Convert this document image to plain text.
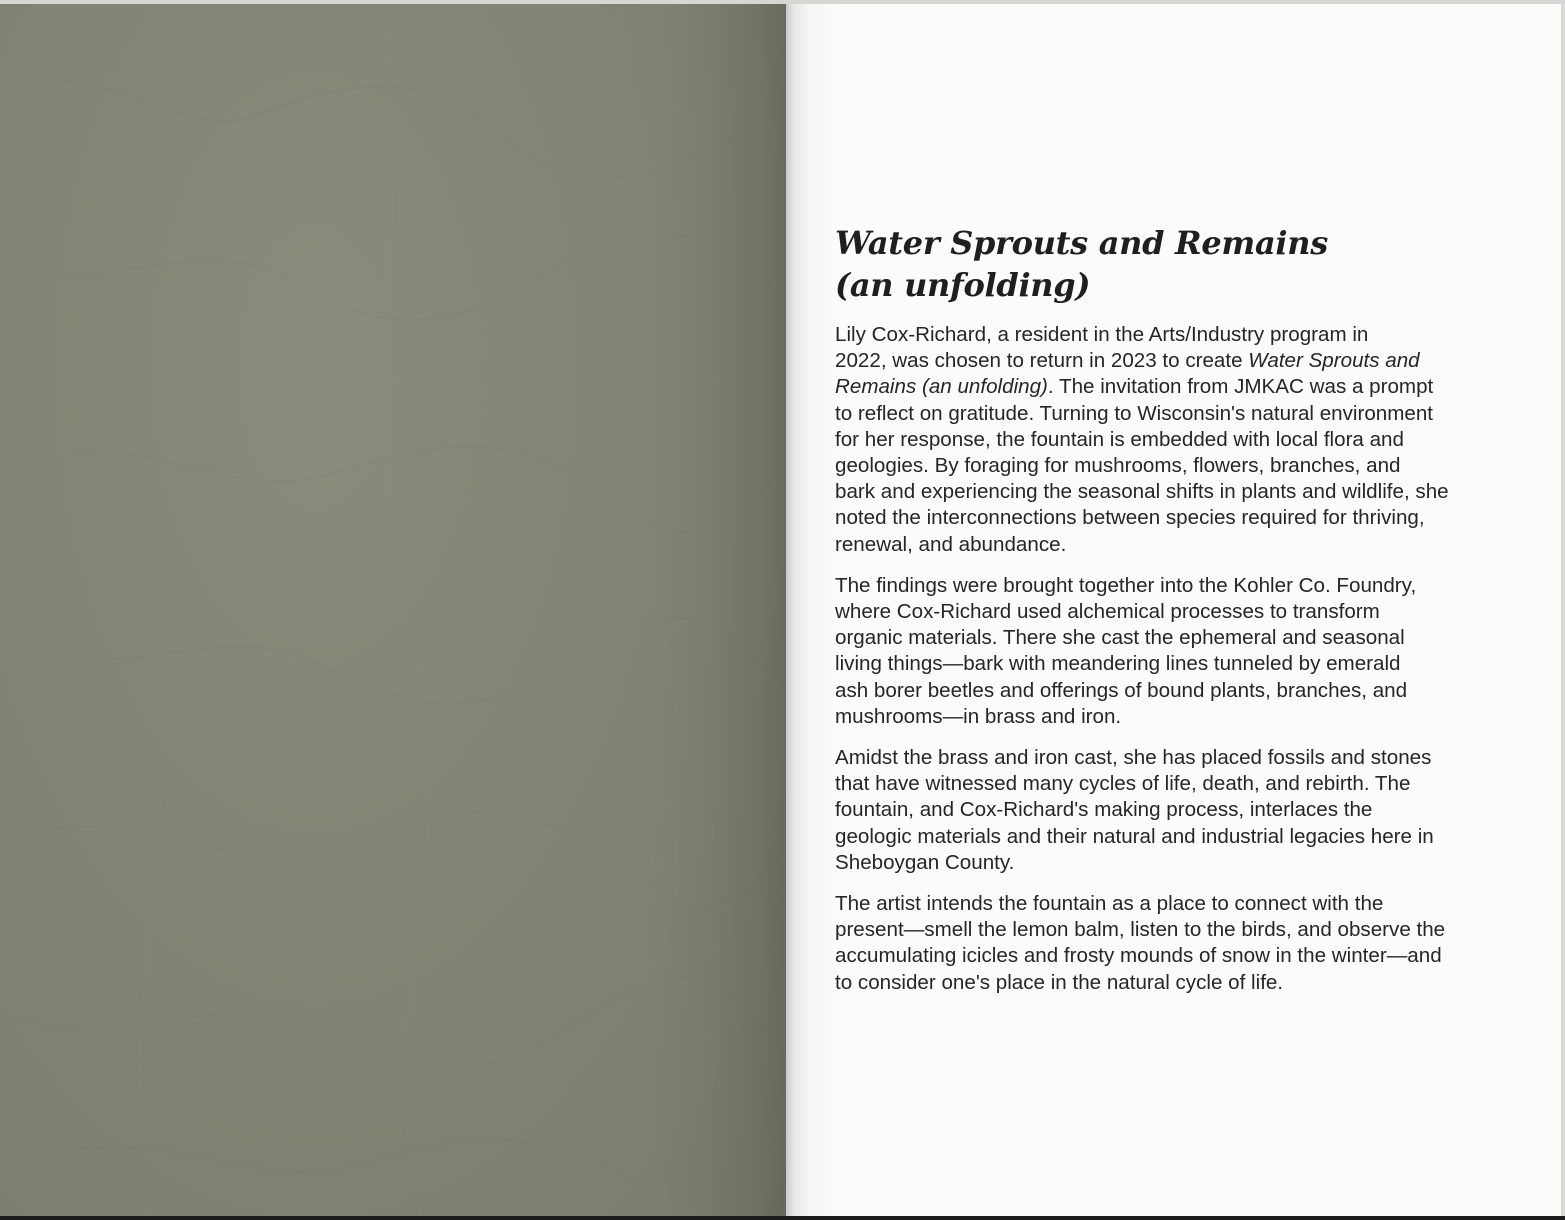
Water Sprouts and Remains
(an unfolding)

Lily Cox-Richard, a resident in the Arts/Industry program in
2022, was chosen to return in 2023 to create Water Sprouts and
Remains (an unfolding). The invitation from JMKAC was a prompt
to reflect on gratitude. Turning to Wisconsin's natural environment
for her response, the fountain is embedded with local flora and
geologies. By foraging for mushrooms, flowers, branches, and
bark and experiencing the seasonal shifts in plants and wildlife, she
noted the interconnections between species required for thriving,
renewal, and abundance.

The findings were brought together into the Kohler Co. Foundry,
where Cox-Richard used alchemical processes to transform
organic materials. There she cast the ephemeral and seasonal
living things—bark with meandering lines tunneled by emerald
ash borer beetles and offerings of bound plants, branches, and
mushrooms—in brass and iron.

Amidst the brass and iron cast, she has placed fossils and stones
that have witnessed many cycles of life, death, and rebirth. The
fountain, and Cox-Richard's making process, interlaces the
geologic materials and their natural and industrial legacies here in
Sheboygan County.

The artist intends the fountain as a place to connect with the
present—smell the lemon balm, listen to the birds, and observe the
accumulating icicles and frosty mounds of snow in the winter—and
to consider one's place in the natural cycle of life.
